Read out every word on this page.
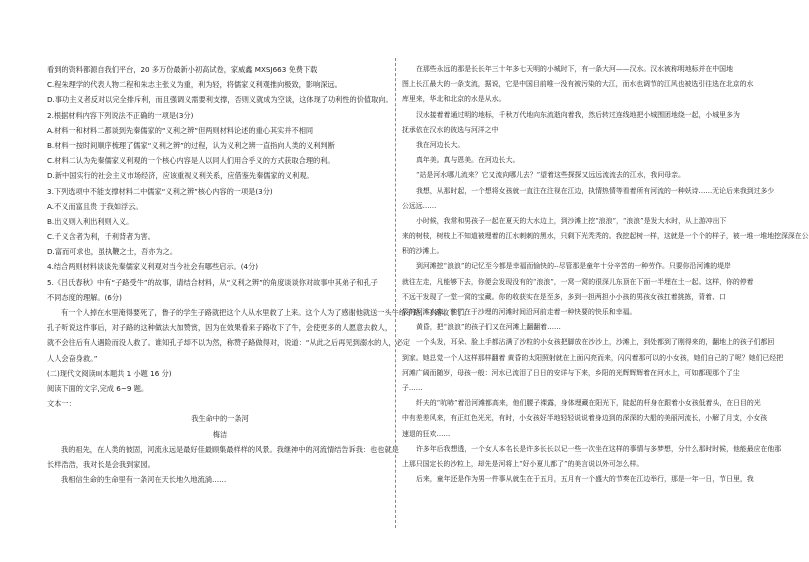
看到的资料都源自我们平台，20 多万份最新小初高试卷，家威鑫 MXSJ663 免费下载
C.程朱理学的代表人物二程和朱志主张义为重，利为轻，将儒家义利观推向极致，影响深远。
D.事功主义者反对以完全排斥利，而且强调义需要利支撑，否则义就成为空谈，这体现了功利性的价值取向。
2.根据材料内容下列说法不正确的一项是(3分)
A.材料一和材料二都谈到先秦儒家的“义利之辨”但两则材料论述的重心其实并不相同
B.材料一按时间顺序梳理了儒家“义利之辨”的过程，认为义利之辨一直指向人类的义利判断
C.材料二认为先秦儒家义利观的一个核心内容是人以同人们用合乎义的方式获取合理的利。
D.新中国实行的社会主义市场经济，应该重视义利关系，应借鉴先秦儒家的义利观。
3.下列选项中不能支撑材料二中儒家“义利之辨”核心内容的一项是(3分)
A.不义而富且贵 于我如浮云。
B.出义则入利出利则入义。
C.千义含者为利，千利背者为害。
D.富而可求也，虽执鞭之士，吾亦为之。
4.结合两则材料谈谈先秦儒家义利观对当今社会有哪些启示。(4分)
5.《吕氏春秋》中有“子路受牛”的故事，请结合材料，从“义利之辨”的角度谈谈你对故事中其弟子和孔子
不同态度的理解。(6分)
有一个人掉在水里淹得要死了，鲁子的学生子路就把这个人从水里救了上来。这个人为了感谢他就送一头牛给子路，子路收下了。
孔子听说这件事后，对子路的这种做法大加赞赏，因为在效果看来子路收下了牛，会使更多的人愿意去救人，
就不会往后有人遇险而没人救了。谁知孔子却不以为然，称赞子路做得对，说道：“从此之后再见到溺水的人，必定
人人会奋身救。”
(二)现代文阅读II(本题共 1 小题 16 分)
阅读下面的文字,完成 6~9 题。
文本一：
我生命中的一条河
梅洁
我的祖先，在人类的彼固，河流永远是最好佳最顾集最样样的风景。我继神中的河流情结告诉我：也也就是
长样浩浩，我对长是会我到家园。
我相信生命的生命里有一条河在天长地久地流淌……
在那些永远的那是长长年三十年多七天明的小城时下，有一条大河——汉水。汉水被称明地标并在中国地
图上长江最大的一条支流，据说，它是中国目前唯一没有被污染的大江，而水也调节的江风也被选引往选在北京的水
库里来，华北和北京的水是从水。
汉水接着着通过明的地标，千秋万代地向东流逝向着我，然后转过连线地把小城围团地绕一起，小城里多为
抚承依在汉水的彼选与河洋之中
我在河边长大。
真年美。真与恩美。在河边长大。
“站是河水哪儿流来？它又流向哪儿去？”望着这些探探又远远流流去的江水，我问母亲。
我想，从那时起，一个想将女孩就一直注在注视在江边，执情热情等看着所有河流的一种妖诗……无论后来我到过多少
公远远……
小时候，我常和男孩子一起在夏天的大水边上，到沙滩上挖“浪浪”，“浪浪”是发大水时，从上游冲出下
来的树枝，树枝上不知道被埋着的江水刺刺的黑水，只剩下光秃秃的。我挖起树一样，这就是一个个的样子，被一堆一堆地挖深深在公
积的沙滩上。
到河滩挖“浪浪”的记忆至今都是幸福而愉快的--尽管那是童年十分辛苦的一种劳作。只要你沿河滩的堤岸
就往左走，凡能够下去，你便会发现没有的“浪浪”，一窝一窝的很深儿东顶在下面一半埋在土一起。这样，你的停着
不远干发现了一堂一窝的宝藏。你的收获实在是至多，多到一担两担小小孩的男孩女孩扛着挑拣，背着、口
袋的河滩水来。他们在于沙埋的河滩时间沿河前走着一种快要的快乐和幸福。
黄昏，把“浪浪”的孩子们又在河滩上翻翻着……
一个头发，耳朵、脸上手都沾满了沙粒的小女孩把脚放在沙沙上，沙滩上，到处都到了刚得来的，翻地上的孩子们都回
到家。她总觉一个人这样那样翻着 黄昏的太阳照射就在上面闪亮而来，闪闪着那可以的小女孩，她们自己的了呢？她们已经把
河滩广阔而随岁，母孩一般：河水已流泪了日日的安详与下来，乡阳的光辉辉辉着在河水上，可如都现那个了尘
子……
纤夫的“吭哧”着沿河滩都高来，他们腰子裸露，身体埋藏在阳光下，陡起的杆身在跟着小女孩低着头，在日目的光
中有差差风来，有正红色光光，有时，小女孩好半地轻轻说说着身边到的深深的大船的美丽河流长，小解了月支，小女孩
速退的狂欢……
许多年后我想透，一个女人本名长是许多长长以记一些一次坐在这样的事情与多梦想，分什么那时时候，他能最应在他那
上那只国定长的沙粒上，却先是河将上“好小夏儿都了”的美言说以外可怎么样。
后来，童年还是作为男一件事从就生在于五月，五月有一个盛大的节奏在江边举行，那是一年一日，节日里，我
